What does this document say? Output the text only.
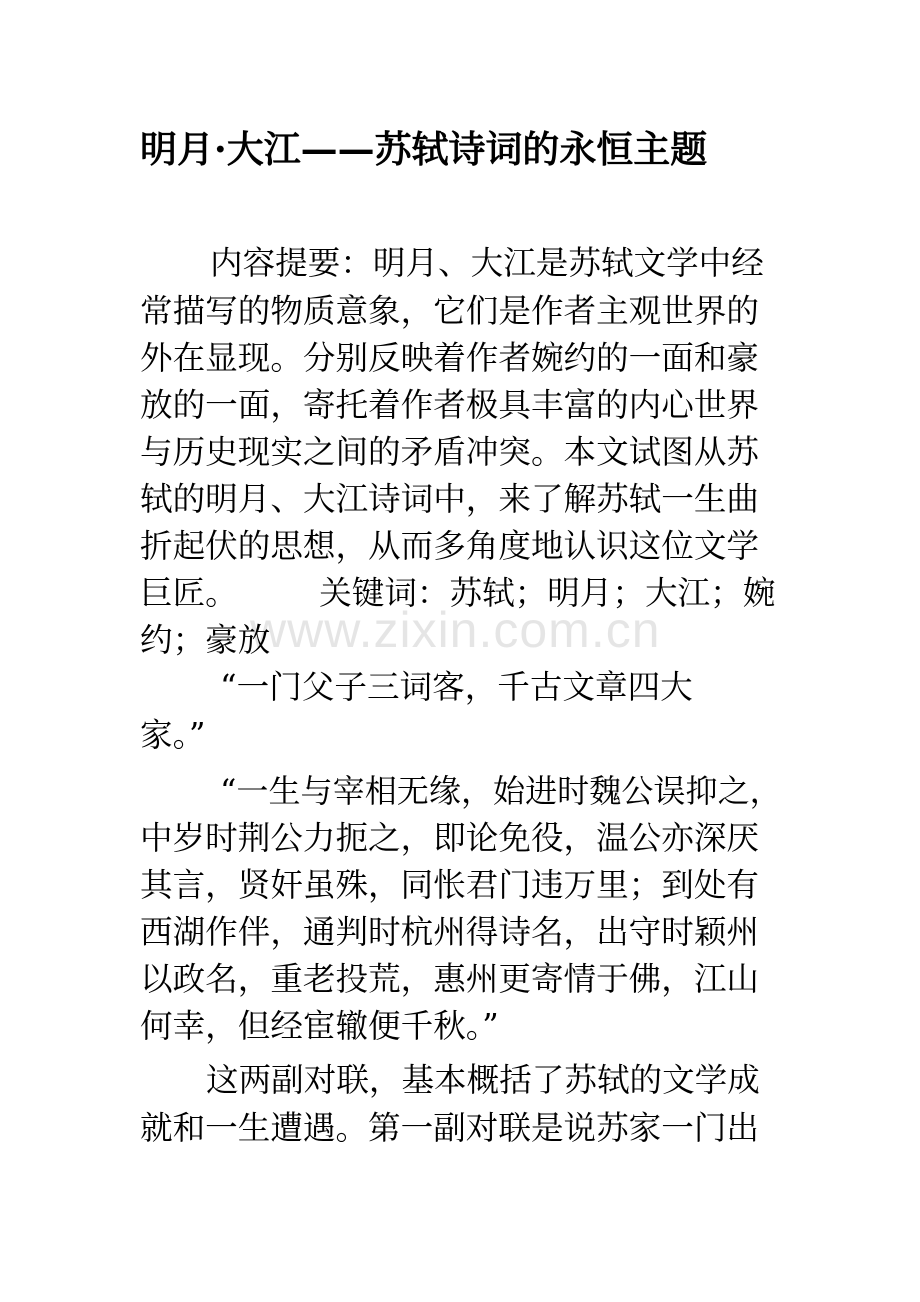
明月·大江——苏轼诗词的永恒主题
内容提要：明月、大江是苏轼文学中经
常描写的物质意象，它们是作者主观世界的
外在显现。分别反映着作者婉约的一面和豪
放的一面，寄托着作者极具丰富的内心世界
与历史现实之间的矛盾冲突。本文试图从苏
轼的明月、大江诗词中，来了解苏轼一生曲
折起伏的思想，从而多角度地认识这位文学
巨匠。　　　关键词：苏轼；明月；大江；婉
约；豪放
“一门父子三词客，千古文章四大
家。”
“一生与宰相无缘，始进时魏公误抑之，
中岁时荆公力扼之，即论免役，温公亦深厌
其言，贤奸虽殊，同怅君门违万里；到处有
西湖作伴，通判时杭州得诗名，出守时颖州
以政名，重老投荒，惠州更寄情于佛，江山
何幸，但经宦辙便千秋。”
这两副对联，基本概括了苏轼的文学成
就和一生遭遇。第一副对联是说苏家一门出
www.zixin.com.cn
